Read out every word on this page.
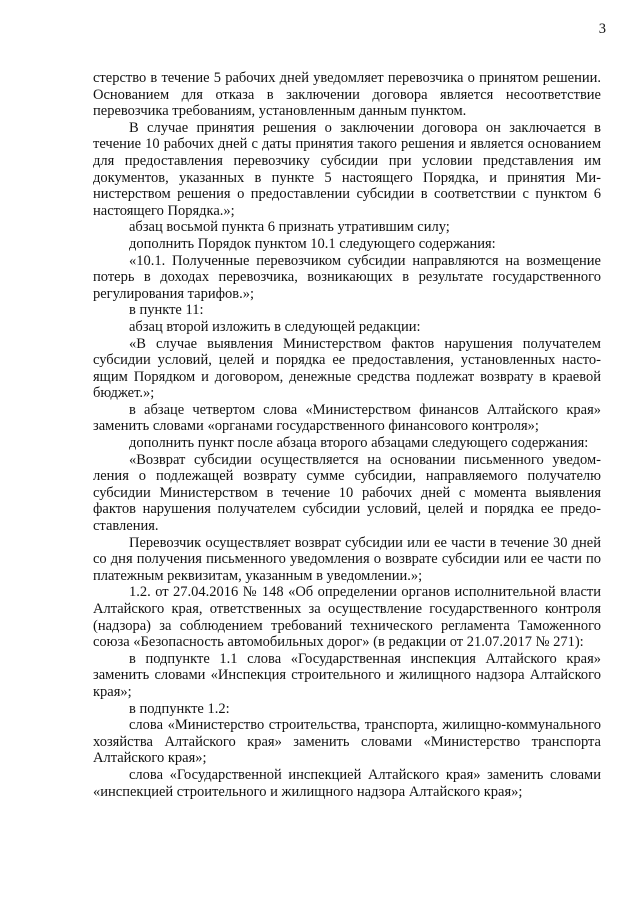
3

стерство в течение 5 рабочих дней уведомляет перевозчика о принятом решении. Основанием для отказа в заключении договора является несоответствие перевозчика требованиям, установленным данным пунктом.

В случае принятия решения о заключении договора он заключается в течение 10 рабочих дней с даты принятия такого решения и является основанием для предоставления перевозчику субсидии при условии представления им документов, указанных в пункте 5 настоящего Порядка, и принятия Министерством решения о предоставлении субсидии в соответствии с пунктом 6 настоящего Порядка.»;

абзац восьмой пункта 6 признать утратившим силу;

дополнить Порядок пунктом 10.1 следующего содержания:

«10.1. Полученные перевозчиком субсидии направляются на возмещение потерь в доходах перевозчика, возникающих в результате государственного регулирования тарифов.»;

в пункте 11:

абзац второй изложить в следующей редакции:

«В случае выявления Министерством фактов нарушения получателем субсидии условий, целей и порядка ее предоставления, установленных настоящим Порядком и договором, денежные средства подлежат возврату в краевой бюджет.»;

в абзаце четвертом слова «Министерством финансов Алтайского края» заменить словами «органами государственного финансового контроля»;

дополнить пункт после абзаца второго абзацами следующего содержания:

«Возврат субсидии осуществляется на основании письменного уведомления о подлежащей возврату сумме субсидии, направляемого получателю субсидии Министерством в течение 10 рабочих дней с момента выявления фактов нарушения получателем субсидии условий, целей и порядка ее предоставления.

Перевозчик осуществляет возврат субсидии или ее части в течение 30 дней со дня получения письменного уведомления о возврате субсидии или ее части по платежным реквизитам, указанным в уведомлении.»;

1.2. от 27.04.2016 № 148 «Об определении органов исполнительной власти Алтайского края, ответственных за осуществление государственного контроля (надзора) за соблюдением требований технического регламента Таможенного союза «Безопасность автомобильных дорог» (в редакции от 21.07.2017 № 271):

в подпункте 1.1 слова «Государственная инспекция Алтайского края» заменить словами «Инспекция строительного и жилищного надзора Алтайского края»;

в подпункте 1.2:

слова «Министерство строительства, транспорта, жилищно-коммунального хозяйства Алтайского края» заменить словами «Министерство транспорта Алтайского края»;

слова «Государственной инспекцией Алтайского края» заменить словами «инспекцией строительного и жилищного надзора Алтайского края»;
